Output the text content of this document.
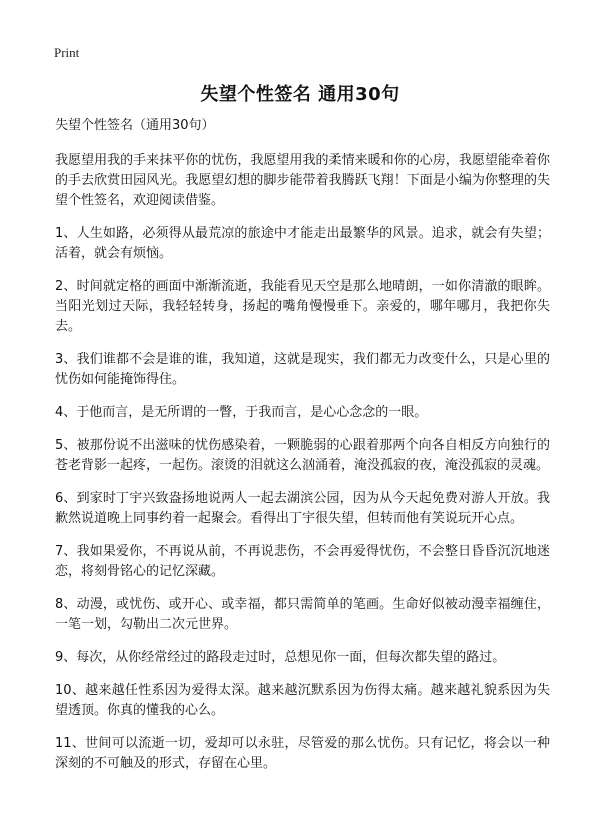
Print
失望个性签名 通用30句

失望个性签名（通用30句）

我愿望用我的手来抹平你的忧伤，我愿望用我的柔情来暖和你的心房，我愿望能牵着你的手去欣赏田园风光。我愿望幻想的脚步能带着我腾跃飞翔！下面是小编为你整理的失望个性签名，欢迎阅读借鉴。

1、人生如路，必须得从最荒凉的旅途中才能走出最繁华的风景。追求，就会有失望；活着，就会有烦恼。

2、时间就定格的画面中渐渐流逝，我能看见天空是那么地晴朗，一如你清澈的眼眸。当阳光划过天际，我轻轻转身，扬起的嘴角慢慢垂下。亲爱的，哪年哪月，我把你失去。

3、我们谁都不会是谁的谁，我知道，这就是现实，我们都无力改变什么，只是心里的忧伤如何能掩饰得住。

4、于他而言，是无所谓的一瞥，于我而言，是心心念念的一眼。

5、被那份说不出滋味的忧伤感染着，一颗脆弱的心跟着那两个向各自相反方向独行的苍老背影一起疼，一起伤。滚烫的泪就这么汹涌着，淹没孤寂的夜，淹没孤寂的灵魂。

6、到家时丁宇兴致盎扬地说两人一起去湖滨公园，因为从今天起免费对游人开放。我歉然说道晚上同事约着一起聚会。看得出丁宇很失望，但转而他有笑说玩开心点。

7、我如果爱你，不再说从前，不再说悲伤，不会再爱得忧伤，不会整日昏昏沉沉地迷恋，将刻骨铭心的记忆深藏。

8、动漫，或忧伤、或开心、或幸福，都只需简单的笔画。生命好似被动漫幸福缠住，一笔一划，勾勒出二次元世界。

9、每次，从你经常经过的路段走过时，总想见你一面，但每次都失望的路过。

10、越来越任性系因为爱得太深。越来越沉默系因为伤得太痛。越来越礼貌系因为失望透顶。你真的懂我的心么。

11、世间可以流逝一切，爱却可以永驻，尽管爱的那么忧伤。只有记忆，将会以一种深刻的不可触及的形式，存留在心里。
